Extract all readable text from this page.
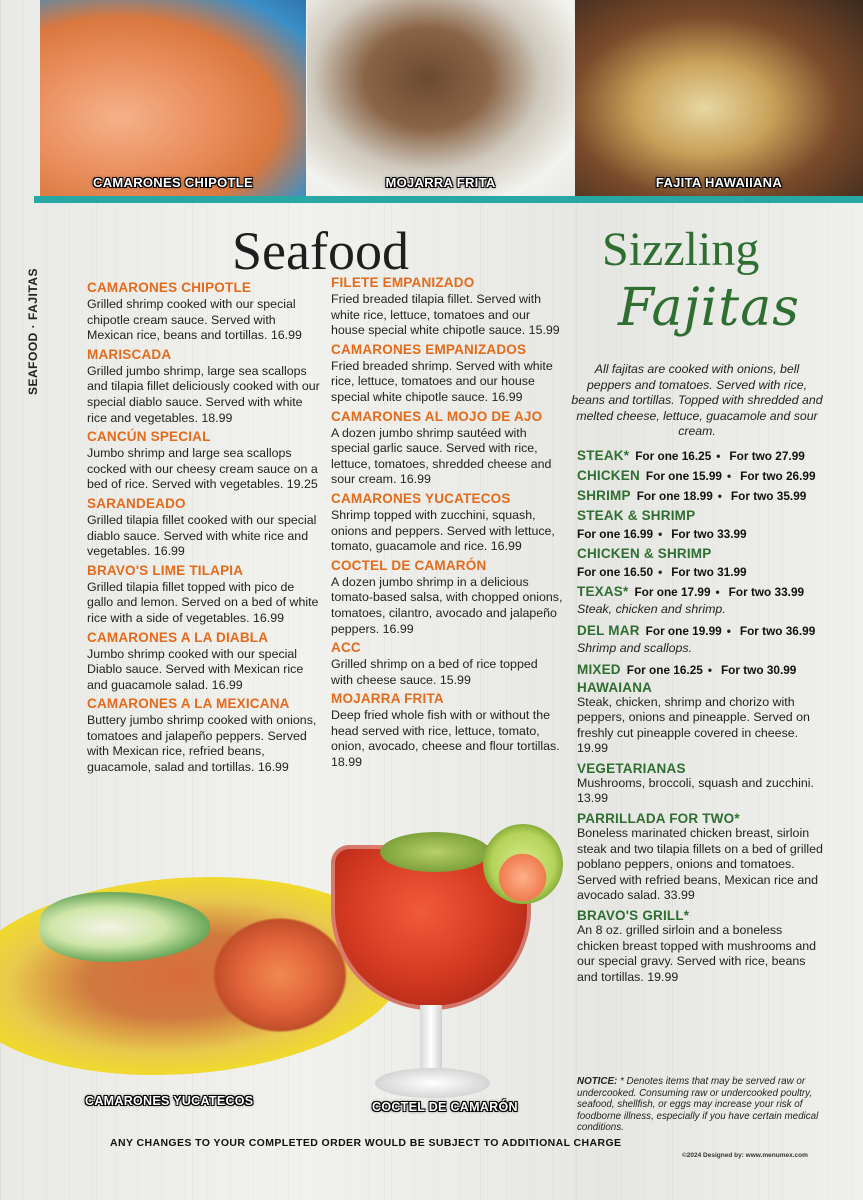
CAMARONES CHIPOTLE	MOJARRA FRITA	FAJITA HAWAIIANA
SEAFOOD · FAJITAS
Seafood	Sizzling
Fajitas
CAMARONES CHIPOTLE
Grilled shrimp cooked with our special chipotle cream sauce. Served with Mexican rice, beans and tortillas. 16.99
MARISCADA
Grilled jumbo shrimp, large sea scallops and tilapia fillet deliciously cooked with our special diablo sauce. Served with white rice and vegetables. 18.99
CANCÚN SPECIAL
Jumbo shrimp and large sea scallops cocked with our cheesy cream sauce on a bed of rice. Served with vegetables. 19.25
SARANDEADO
Grilled tilapia fillet cooked with our special diablo sauce. Served with white rice and vegetables. 16.99
BRAVO'S LIME TILAPIA
Grilled tilapia fillet topped with pico de gallo and lemon. Served on a bed of white rice with a side of vegetables. 16.99
CAMARONES A LA DIABLA
Jumbo shrimp cooked with our special Diablo sauce. Served with Mexican rice and guacamole salad. 16.99
CAMARONES A LA MEXICANA
Buttery jumbo shrimp cooked with onions, tomatoes and jalapeño peppers. Served with Mexican rice, refried beans, guacamole, salad and tortillas. 16.99
FILETE EMPANIZADO
Fried breaded tilapia fillet. Served with white rice, lettuce, tomatoes and our house special white chipotle sauce. 15.99
CAMARONES EMPANIZADOS
Fried breaded shrimp. Served with white rice, lettuce, tomatoes and our house special white chipotle sauce. 16.99
CAMARONES AL MOJO DE AJO
A dozen jumbo shrimp sautéed with special garlic sauce. Served with rice, lettuce, tomatoes, shredded cheese and sour cream. 16.99
CAMARONES YUCATECOS
Shrimp topped with zucchini, squash, onions and peppers. Served with lettuce, tomato, guacamole and rice. 16.99
COCTEL DE CAMARÓN
A dozen jumbo shrimp in a delicious tomato-based salsa, with chopped onions, tomatoes, cilantro, avocado and jalapeño peppers. 16.99
ACC
Grilled shrimp on a bed of rice topped with cheese sauce. 15.99
MOJARRA FRITA
Deep fried whole fish with or without the head served with rice, lettuce, tomato, onion, avocado, cheese and flour tortillas. 18.99
All fajitas are cooked with onions, bell peppers and tomatoes. Served with rice, beans and tortillas. Topped with shredded and melted cheese, lettuce, guacamole and sour cream.
STEAK* For one 16.25 • For two 27.99
CHICKEN For one 15.99 • For two 26.99
SHRIMP For one 18.99 • For two 35.99
STEAK & SHRIMP
For one 16.99 • For two 33.99
CHICKEN & SHRIMP
For one 16.50 • For two 31.99
TEXAS* For one 17.99 • For two 33.99
Steak, chicken and shrimp.
DEL MAR For one 19.99 • For two 36.99
Shrimp and scallops.
MIXED For one 16.25 • For two 30.99
HAWAIANA
Steak, chicken, shrimp and chorizo with peppers, onions and pineapple. Served on freshly cut pineapple covered in cheese. 19.99
VEGETARIANAS
Mushrooms, broccoli, squash and zucchini. 13.99
PARRILLADA FOR TWO*
Boneless marinated chicken breast, sirloin steak and two tilapia fillets on a bed of grilled poblano peppers, onions and tomatoes. Served with refried beans, Mexican rice and avocado salad. 33.99
BRAVO'S GRILL*
An 8 oz. grilled sirloin and a boneless chicken breast topped with mushrooms and our special gravy. Served with rice, beans and tortillas. 19.99
CAMARONES YUCATECOS	COCTEL DE CAMARÓN
NOTICE: * Denotes items that may be served raw or undercooked. Consuming raw or undercooked poultry, seafood, shellfish, or eggs may increase your risk of foodborne illness, especially if you have certain medical conditions.
©2024 Designed by: www.menumex.com
ANY CHANGES TO YOUR COMPLETED ORDER WOULD BE SUBJECT TO ADDITIONAL CHARGE
